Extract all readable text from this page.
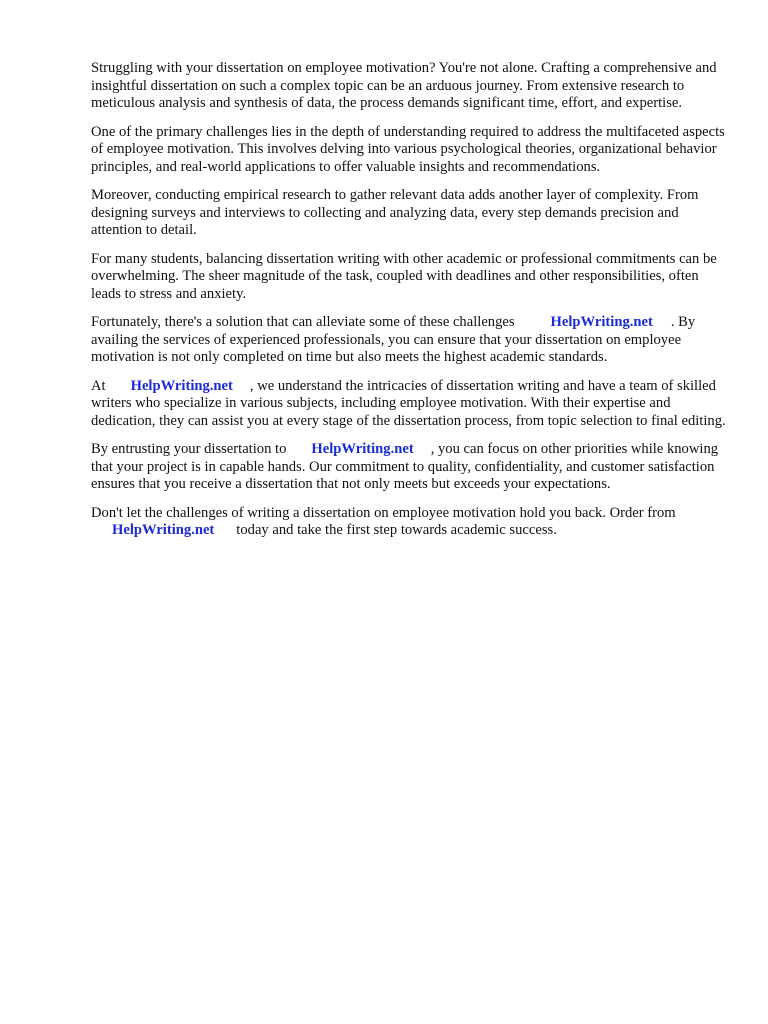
Struggling with your dissertation on employee motivation? You're not alone. Crafting a comprehensive and insightful dissertation on such a complex topic can be an arduous journey. From extensive research to meticulous analysis and synthesis of data, the process demands significant time, effort, and expertise.

One of the primary challenges lies in the depth of understanding required to address the multifaceted aspects of employee motivation. This involves delving into various psychological theories, organizational behavior principles, and real-world applications to offer valuable insights and recommendations.

Moreover, conducting empirical research to gather relevant data adds another layer of complexity. From designing surveys and interviews to collecting and analyzing data, every step demands precision and attention to detail.

For many students, balancing dissertation writing with other academic or professional commitments can be overwhelming. The sheer magnitude of the task, coupled with deadlines and other responsibilities, often leads to stress and anxiety.

Fortunately, there's a solution that can alleviate some of these challenges HelpWriting.net . By availing the services of experienced professionals, you can ensure that your dissertation on employee motivation is not only completed on time but also meets the highest academic standards.

At HelpWriting.net , we understand the intricacies of dissertation writing and have a team of skilled writers who specialize in various subjects, including employee motivation. With their expertise and dedication, they can assist you at every stage of the dissertation process, from topic selection to final editing.

By entrusting your dissertation to HelpWriting.net , you can focus on other priorities while knowing that your project is in capable hands. Our commitment to quality, confidentiality, and customer satisfaction ensures that you receive a dissertation that not only meets but exceeds your expectations.

Don't let the challenges of writing a dissertation on employee motivation hold you back. Order from
HelpWriting.net today and take the first step towards academic success.
